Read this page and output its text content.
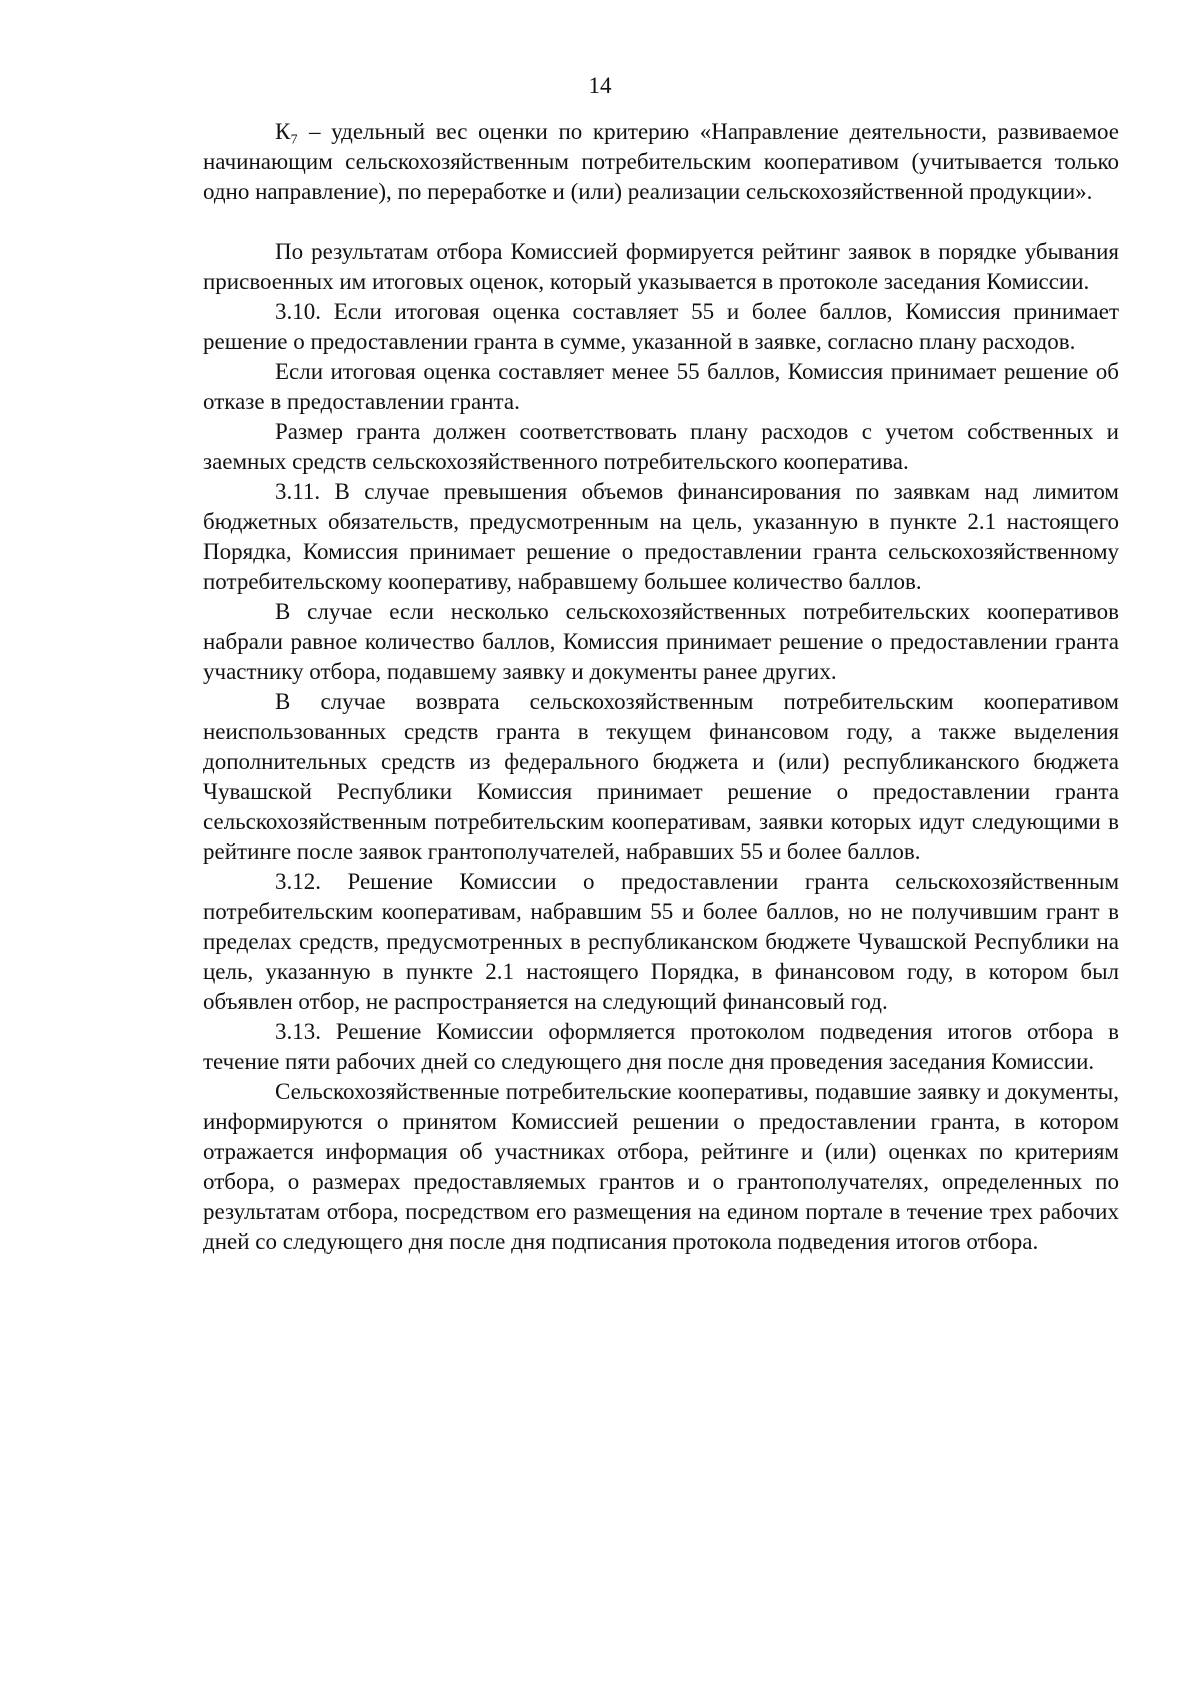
14

К₇ – удельный вес оценки по критерию «Направление деятельности, развиваемое начинающим сельскохозяйственным потребительским кооперативом (учитывается только одно направление), по переработке и (или) реализации сельскохозяйственной продукции».

По результатам отбора Комиссией формируется рейтинг заявок в порядке убывания присвоенных им итоговых оценок, который указывается в протоколе заседания Комиссии.

3.10. Если итоговая оценка составляет 55 и более баллов, Комиссия принимает решение о предоставлении гранта в сумме, указанной в заявке, согласно плану расходов.

Если итоговая оценка составляет менее 55 баллов, Комиссия принимает решение об отказе в предоставлении гранта.

Размер гранта должен соответствовать плану расходов с учетом собственных и заемных средств сельскохозяйственного потребительского кооператива.

3.11. В случае превышения объемов финансирования по заявкам над лимитом бюджетных обязательств, предусмотренным на цель, указанную в пункте 2.1 настоящего Порядка, Комиссия принимает решение о предоставлении гранта сельскохозяйственному потребительскому кооперативу, набравшему большее количество баллов.

В случае если несколько сельскохозяйственных потребительских кооперативов набрали равное количество баллов, Комиссия принимает решение о предоставлении гранта участнику отбора, подавшему заявку и документы ранее других.

В случае возврата сельскохозяйственным потребительским кооперативом неиспользованных средств гранта в текущем финансовом году, а также выделения дополнительных средств из федерального бюджета и (или) республиканского бюджета Чувашской Республики Комиссия принимает решение о предоставлении гранта сельскохозяйственным потребительским кооперативам, заявки которых идут следующими в рейтинге после заявок грантополучателей, набравших 55 и более баллов.

3.12. Решение Комиссии о предоставлении гранта сельскохозяйственным потребительским кооперативам, набравшим 55 и более баллов, но не получившим грант в пределах средств, предусмотренных в республиканском бюджете Чувашской Республики на цель, указанную в пункте 2.1 настоящего Порядка, в финансовом году, в котором был объявлен отбор, не распространяется на следующий финансовый год.

3.13. Решение Комиссии оформляется протоколом подведения итогов отбора в течение пяти рабочих дней со следующего дня после дня проведения заседания Комиссии.

Сельскохозяйственные потребительские кооперативы, подавшие заявку и документы, информируются о принятом Комиссией решении о предоставлении гранта, в котором отражается информация об участниках отбора, рейтинге и (или) оценках по критериям отбора, о размерах предоставляемых грантов и о грантополучателях, определенных по результатам отбора, посредством его размещения на едином портале в течение трех рабочих дней со следующего дня после дня подписания протокола подведения итогов отбора.
